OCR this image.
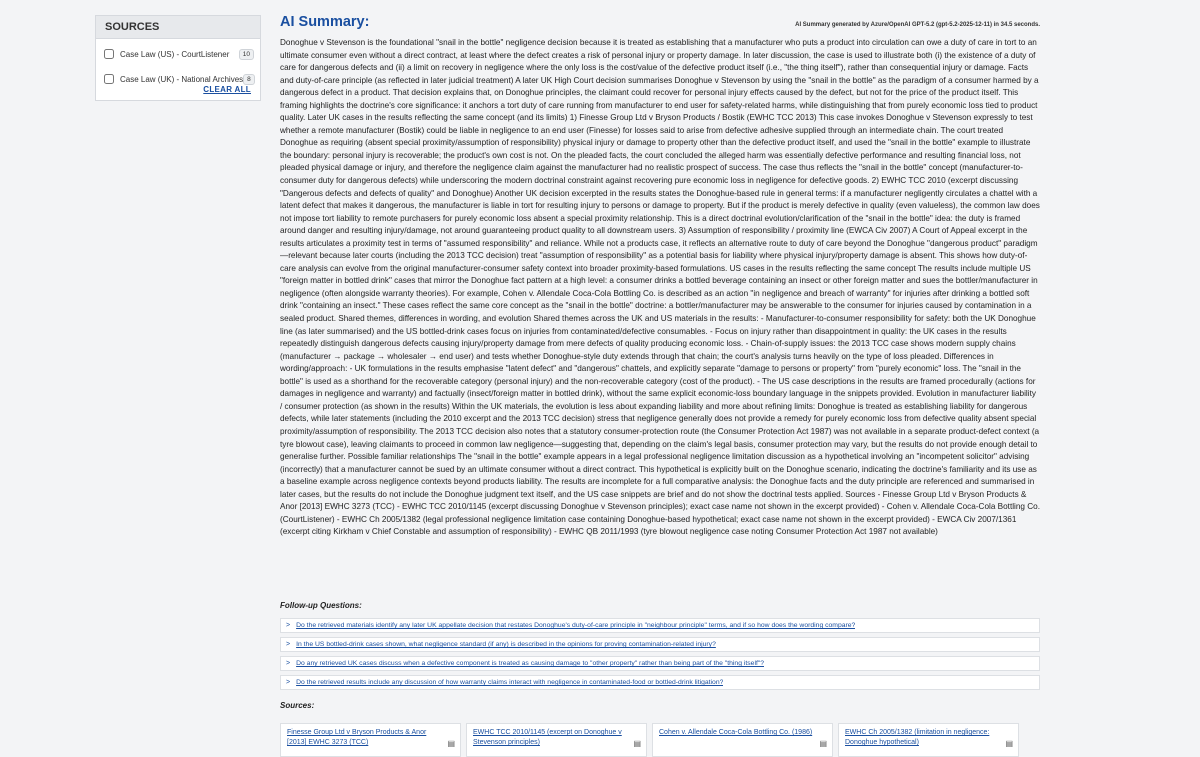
SOURCES
Case Law (US) - CourtListener	10
Case Law (UK) - National Archives 8
CLEAR ALL
AI Summary:	AI Summary generated by Azure/OpenAI GPT-5.2 (gpt-5.2-2025-12-11) in 34.5 seconds.
Donoghue v Stevenson is the foundational "snail in the bottle" negligence decision because it is treated as establishing that a manufacturer who puts a product into circulation can owe a duty of care in tort to an ultimate consumer even without a direct contract, at least where the defect creates a risk of personal injury or property damage. In later discussion, the case is used to illustrate both (i) the existence of a duty of care for dangerous defects and (ii) a limit on recovery in negligence where the only loss is the cost/value of the defective product itself (i.e., "the thing itself"), rather than consequential injury or damage. Facts and duty-of-care principle (as reflected in later judicial treatment) A later UK High Court decision summarises Donoghue v Stevenson by using the "snail in the bottle" as the paradigm of a consumer harmed by a dangerous defect in a product. That decision explains that, on Donoghue principles, the claimant could recover for personal injury effects caused by the defect, but not for the price of the product itself. This framing highlights the doctrine's core significance: it anchors a tort duty of care running from manufacturer to end user for safety-related harms, while distinguishing that from purely economic loss tied to product quality. Later UK cases in the results reflecting the same concept (and its limits) 1) Finesse Group Ltd v Bryson Products / Bostik (EWHC TCC 2013) This case invokes Donoghue v Stevenson expressly to test whether a remote manufacturer (Bostik) could be liable in negligence to an end user (Finesse) for losses said to arise from defective adhesive supplied through an intermediate chain. The court treated Donoghue as requiring (absent special proximity/assumption of responsibility) physical injury or damage to property other than the defective product itself, and used the "snail in the bottle" example to illustrate the boundary: personal injury is recoverable; the product's own cost is not. On the pleaded facts, the court concluded the alleged harm was essentially defective performance and resulting financial loss, not pleaded physical damage or injury, and therefore the negligence claim against the manufacturer had no realistic prospect of success. The case thus reflects the "snail in the bottle" concept (manufacturer-to-consumer duty for dangerous defects) while underscoring the modern doctrinal constraint against recovering pure economic loss in negligence for defective goods. 2) EWHC TCC 2010 (excerpt discussing "Dangerous defects and defects of quality" and Donoghue) Another UK decision excerpted in the results states the Donoghue-based rule in general terms: if a manufacturer negligently circulates a chattel with a latent defect that makes it dangerous, the manufacturer is liable in tort for resulting injury to persons or damage to property. But if the product is merely defective in quality (even valueless), the common law does not impose tort liability to remote purchasers for purely economic loss absent a special proximity relationship. This is a direct doctrinal evolution/clarification of the "snail in the bottle" idea: the duty is framed around danger and resulting injury/damage, not around guaranteeing product quality to all downstream users. 3) Assumption of responsibility / proximity line (EWCA Civ 2007) A Court of Appeal excerpt in the results articulates a proximity test in terms of "assumed responsibility" and reliance. While not a products case, it reflects an alternative route to duty of care beyond the Donoghue "dangerous product" paradigm—relevant because later courts (including the 2013 TCC decision) treat "assumption of responsibility" as a potential basis for liability where physical injury/property damage is absent. This shows how duty-of-care analysis can evolve from the original manufacturer-consumer safety context into broader proximity-based formulations. US cases in the results reflecting the same concept The results include multiple US "foreign matter in bottled drink" cases that mirror the Donoghue fact pattern at a high level: a consumer drinks a bottled beverage containing an insect or other foreign matter and sues the bottler/manufacturer in negligence (often alongside warranty theories). For example, Cohen v. Allendale Coca-Cola Bottling Co. is described as an action "in negligence and breach of warranty" for injuries after drinking a bottled soft drink "containing an insect." These cases reflect the same core concept as the "snail in the bottle" doctrine: a bottler/manufacturer may be answerable to the consumer for injuries caused by contamination in a sealed product. Shared themes, differences in wording, and evolution Shared themes across the UK and US materials in the results: - Manufacturer-to-consumer responsibility for safety: both the UK Donoghue line (as later summarised) and the US bottled-drink cases focus on injuries from contaminated/defective consumables. - Focus on injury rather than disappointment in quality: the UK cases in the results repeatedly distinguish dangerous defects causing injury/property damage from mere defects of quality producing economic loss. - Chain-of-supply issues: the 2013 TCC case shows modern supply chains (manufacturer → package → wholesaler → end user) and tests whether Donoghue-style duty extends through that chain; the court's analysis turns heavily on the type of loss pleaded. Differences in wording/approach: - UK formulations in the results emphasise "latent defect" and "dangerous" chattels, and explicitly separate "damage to persons or property" from "purely economic" loss. The "snail in the bottle" is used as a shorthand for the recoverable category (personal injury) and the non-recoverable category (cost of the product). - The US case descriptions in the results are framed procedurally (actions for damages in negligence and warranty) and factually (insect/foreign matter in bottled drink), without the same explicit economic-loss boundary language in the snippets provided. Evolution in manufacturer liability / consumer protection (as shown in the results) Within the UK materials, the evolution is less about expanding liability and more about refining limits: Donoghue is treated as establishing liability for dangerous defects, while later statements (including the 2010 excerpt and the 2013 TCC decision) stress that negligence generally does not provide a remedy for purely economic loss from defective quality absent special proximity/assumption of responsibility. The 2013 TCC decision also notes that a statutory consumer-protection route (the Consumer Protection Act 1987) was not available in a separate product-defect context (a tyre blowout case), leaving claimants to proceed in common law negligence—suggesting that, depending on the claim's legal basis, consumer protection may vary, but the results do not provide enough detail to generalise further. Possible familiar relationships The "snail in the bottle" example appears in a legal professional negligence limitation discussion as a hypothetical involving an "incompetent solicitor" advising (incorrectly) that a manufacturer cannot be sued by an ultimate consumer without a direct contract. This hypothetical is explicitly built on the Donoghue scenario, indicating the doctrine's familiarity and its use as a baseline example across negligence contexts beyond products liability. The results are incomplete for a full comparative analysis: the Donoghue facts and the duty principle are referenced and summarised in later cases, but the results do not include the Donoghue judgment text itself, and the US case snippets are brief and do not show the doctrinal tests applied. Sources - Finesse Group Ltd v Bryson Products & Anor [2013] EWHC 3273 (TCC) - EWHC TCC 2010/1145 (excerpt discussing Donoghue v Stevenson principles); exact case name not shown in the excerpt provided) - Cohen v. Allendale Coca-Cola Bottling Co. (CourtListener) - EWHC Ch 2005/1382 (legal professional negligence limitation case containing Donoghue-based hypothetical; exact case name not shown in the excerpt provided) - EWCA Civ 2007/1361 (excerpt citing Kirkham v Chief Constable and assumption of responsibility) - EWHC QB 2011/1993 (tyre blowout negligence case noting Consumer Protection Act 1987 not available)
Follow-up Questions:
> Do the retrieved materials identify any later UK appellate decision that restates Donoghue's duty-of-care principle in "neighbour principle" terms, and if so how does the wording compare?
> In the US bottled-drink cases shown, what negligence standard (if any) is described in the opinions for proving contamination-related injury?
> Do any retrieved UK cases discuss when a defective component is treated as causing damage to "other property" rather than being part of the "thing itself"?
> Do the retrieved results include any discussion of how warranty claims interact with negligence in contaminated-food or bottled-drink litigation?
Sources:
Finesse Group Ltd v Bryson Products & Anor [2013] EWHC 3273 (TCC)	▤
EWHC TCC 2010/1145 (excerpt on Donoghue v Stevenson principles)	▤
Cohen v. Allendale Coca-Cola Bottling Co. (1986)
▤
EWHC Ch 2005/1382 (limitation in negligence: Donoghue hypothetical)	▤
